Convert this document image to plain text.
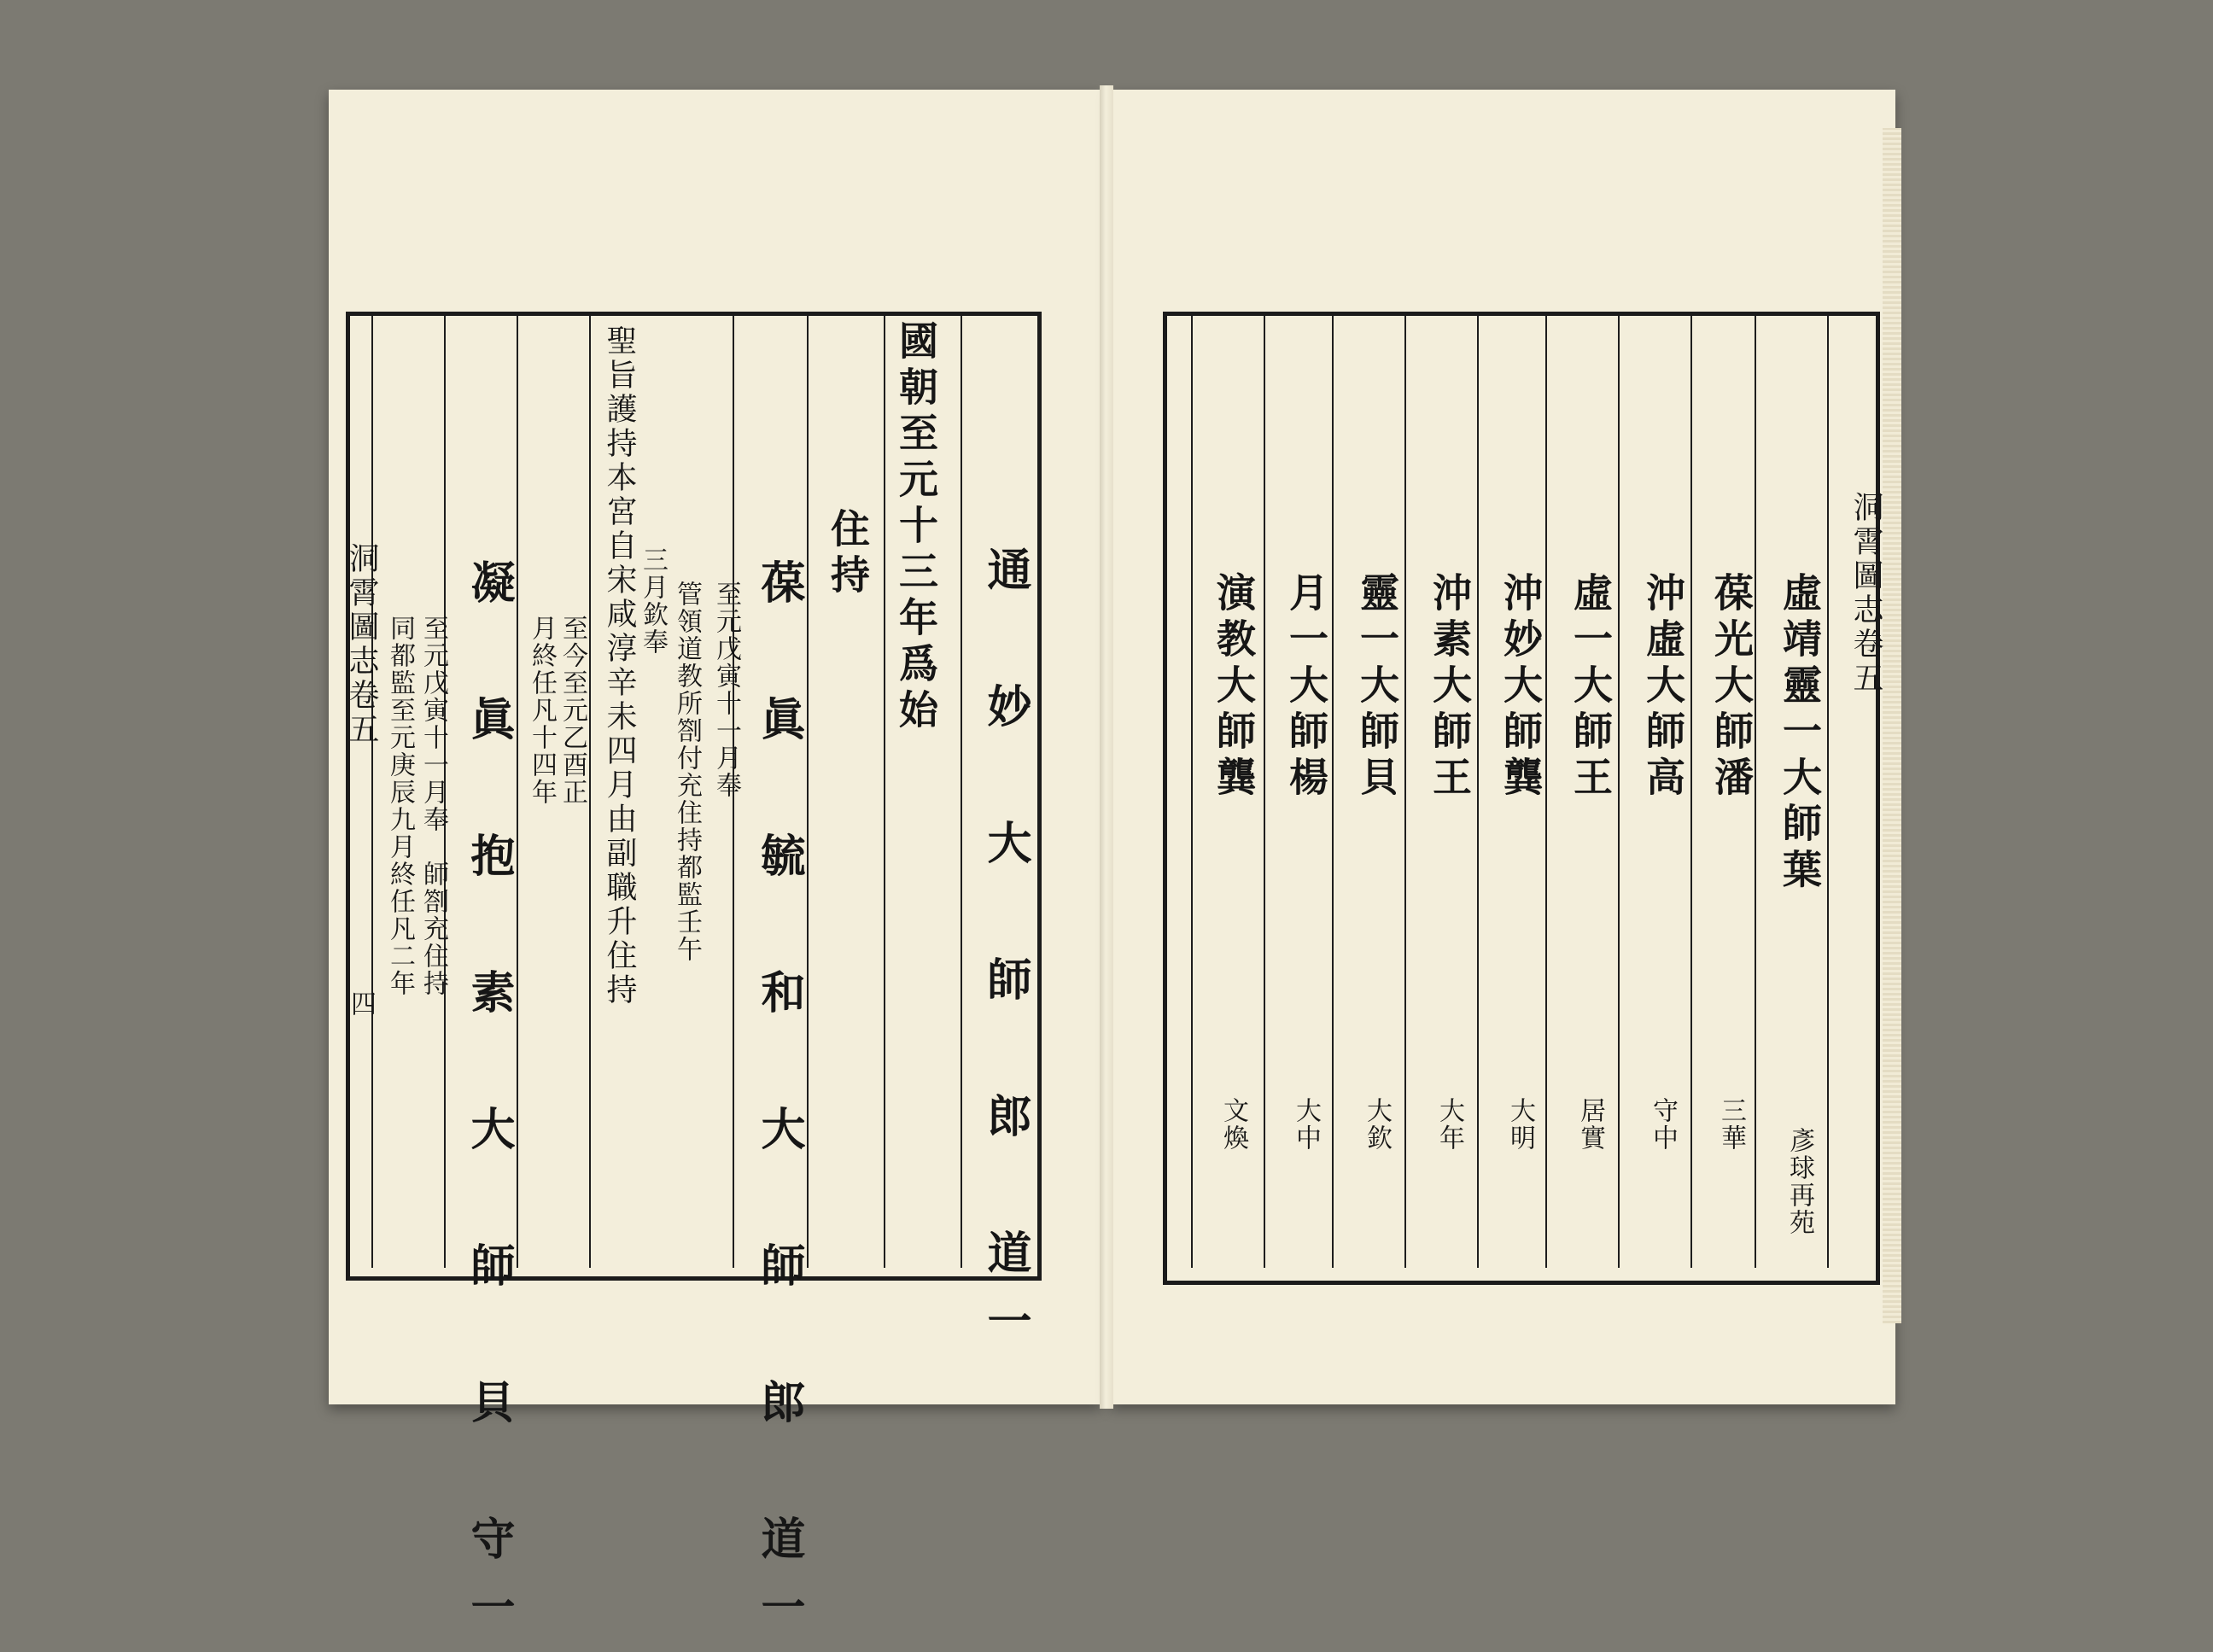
通　妙　大　師　郎　道一
國朝至元十三年爲始
住持
葆　眞　毓　和　大　師　郎　道一
至元戊寅十一月奉
管領道教所劄付充住持都監壬午
三月欽奉
聖旨護持本宮自宋咸淳辛未四月由副職升住持
至今至元乙酉正
月終任凡十四年
凝　眞　抱　素　大　師　貝　守一
至元戊寅十一月奉　師劄充住持
同都監至元庚辰九月終任凡二年
洞霄圖志卷五
四
洞霄圖志卷五
虛靖靈一大師葉
彥球再苑
葆光大師潘
三華
沖虛大師高
守中
虛一大師王
居實
沖妙大師龔
大明
沖素大師王
大年
靈一大師貝
大欽
月一大師楊
大中
演教大師龔
文煥
